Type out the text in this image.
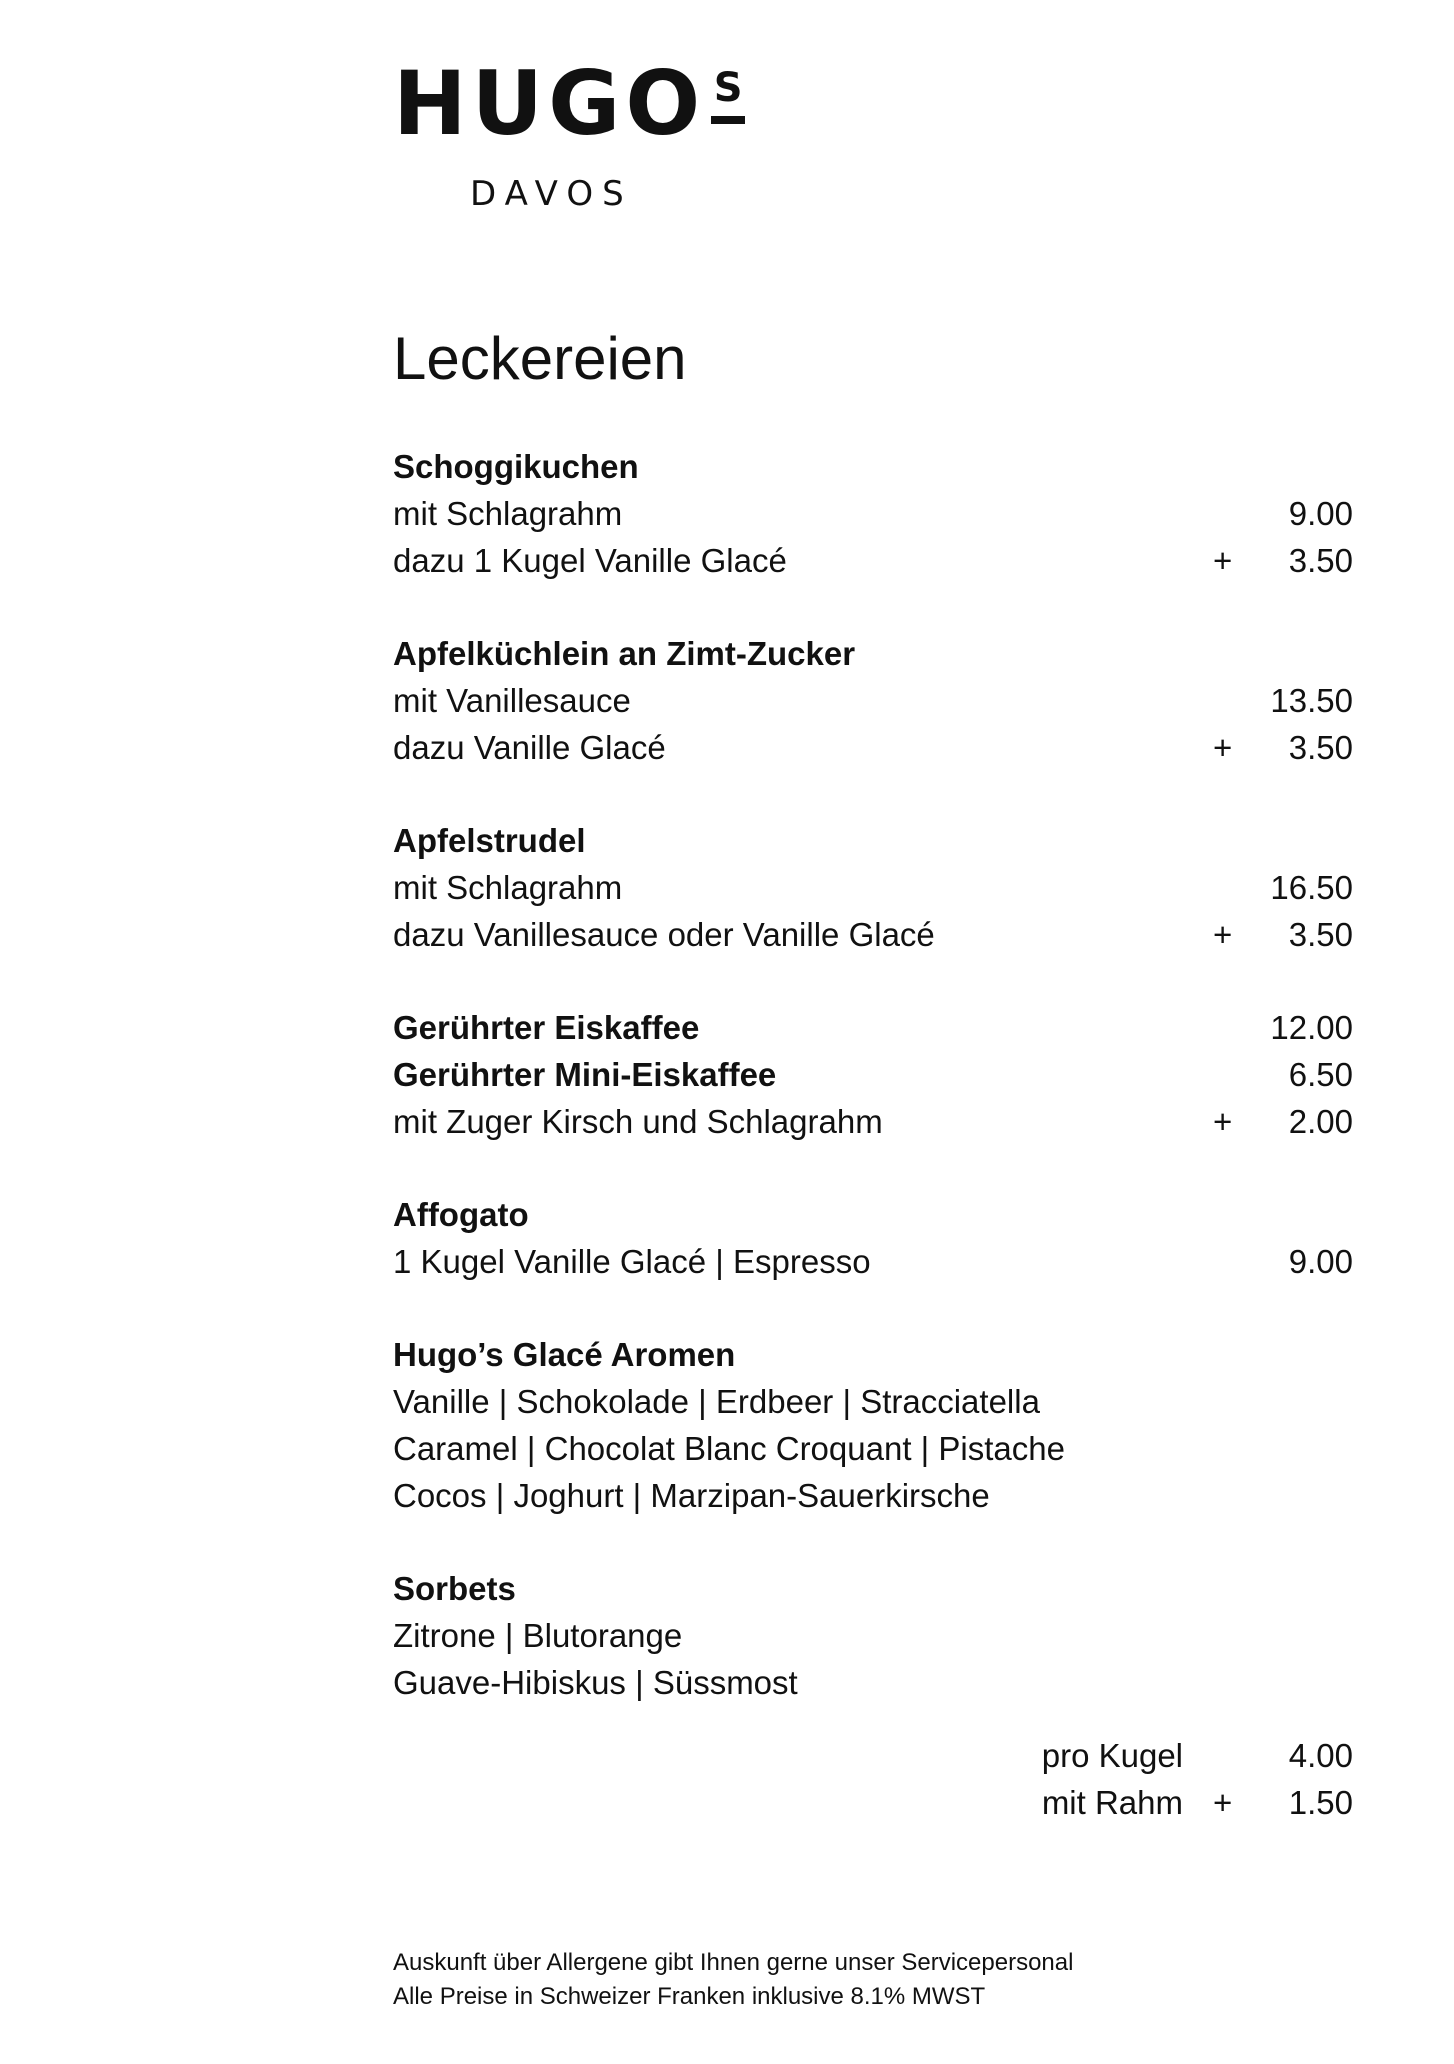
HUGO S
DAVOS
Leckereien
Schoggikuchen
mit Schlagrahm	9.00
dazu 1 Kugel Vanille Glacé	+	3.50
Apfelküchlein an Zimt-Zucker
mit Vanillesauce	13.50
dazu Vanille Glacé	+	3.50
Apfelstrudel
mit Schlagrahm	16.50
dazu Vanillesauce oder Vanille Glacé	+	3.50
Gerührter Eiskaffee	12.00
Gerührter Mini-Eiskaffee	6.50
mit Zuger Kirsch und Schlagrahm	+	2.00
Affogato
1 Kugel Vanille Glacé | Espresso	9.00
Hugo’s Glacé Aromen
Vanille | Schokolade | Erdbeer | Stracciatella
Caramel | Chocolat Blanc Croquant | Pistache
Cocos | Joghurt | Marzipan-Sauerkirsche
Sorbets
Zitrone | Blutorange
Guave-Hibiskus | Süssmost
pro Kugel	4.00
mit Rahm +	1.50
Auskunft über Allergene gibt Ihnen gerne unser Servicepersonal
Alle Preise in Schweizer Franken inklusive 8.1% MWST
